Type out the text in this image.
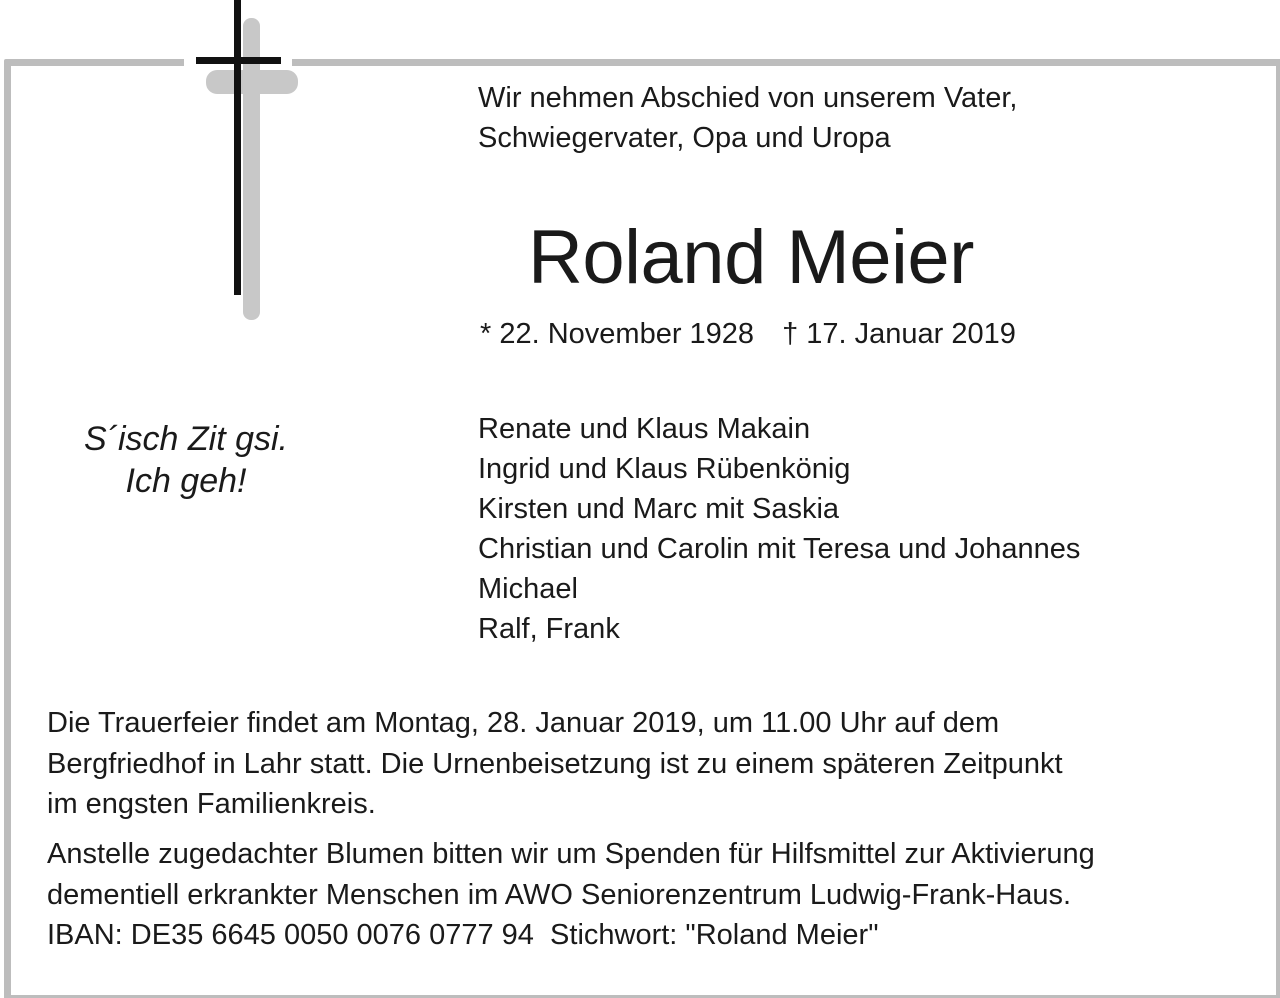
Wir nehmen Abschied von unserem Vater,
Schwiegervater, Opa und Uropa

Roland Meier
* 22. November 1928 † 17. Januar 2019
S´isch Zit gsi.
Ich geh!
Renate und Klaus Makain
Ingrid und Klaus Rübenkönig
Kirsten und Marc mit Saskia
Christian und Carolin mit Teresa und Johannes
Michael
Ralf, Frank
Die Trauerfeier findet am Montag, 28. Januar 2019, um 11.00 Uhr auf dem
Bergfriedhof in Lahr statt. Die Urnenbeisetzung ist zu einem späteren Zeitpunkt
im engsten Familienkreis.
Anstelle zugedachter Blumen bitten wir um Spenden für Hilfsmittel zur Aktivierung
dementiell erkrankter Menschen im AWO Seniorenzentrum Ludwig-Frank-Haus.
IBAN: DE35 6645 0050 0076 0777 94  Stichwort: "Roland Meier"
